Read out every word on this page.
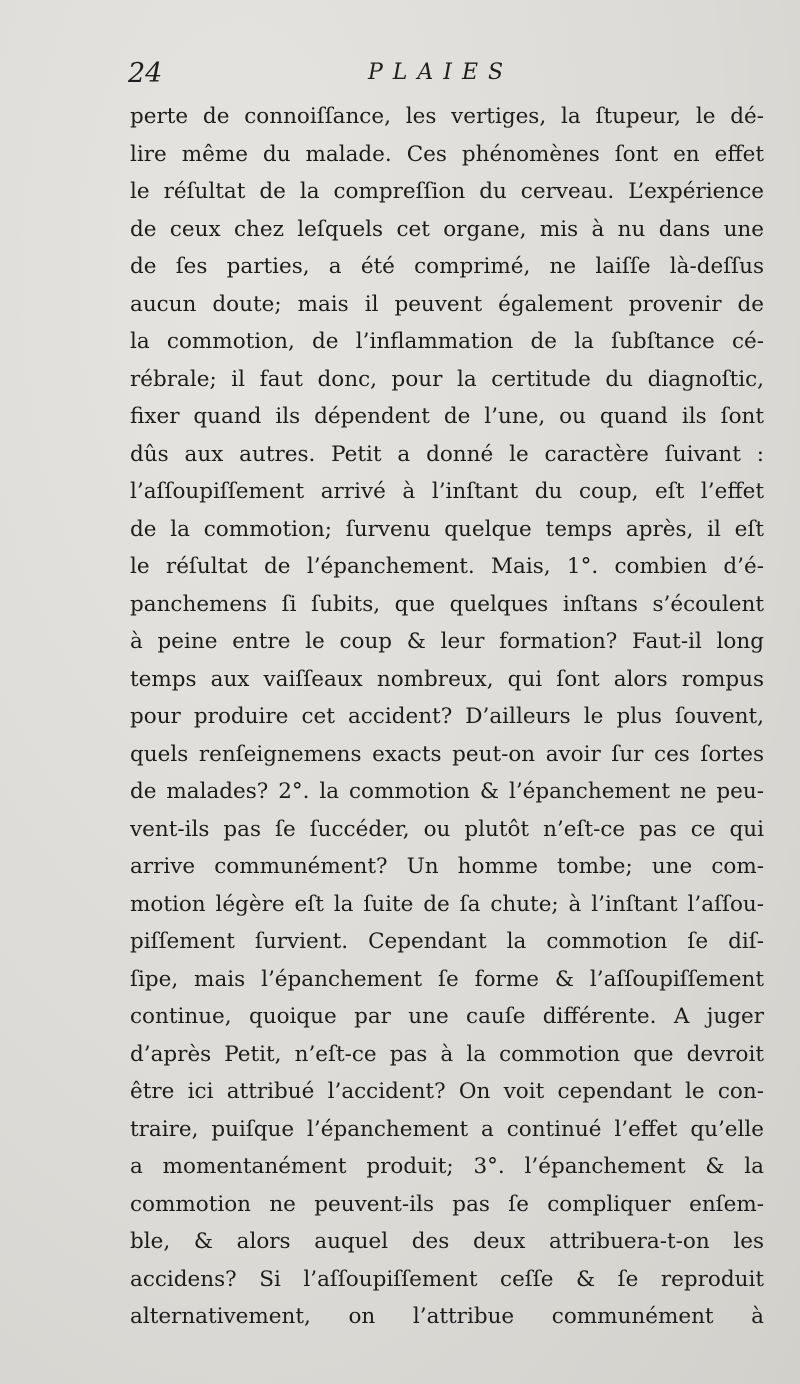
24	PLAIES
perte de connoiſſance, les vertiges, la ſtupeur, le dé-
lire même du malade. Ces phénomènes ſont en effet
le réſultat de la compreſſion du cerveau. L’expérience
de ceux chez leſquels cet organe, mis à nu dans une
de ſes parties, a été comprimé, ne laiſſe là-deſſus
aucun doute; mais il peuvent également provenir de
la commotion, de l’inflammation de la ſubſtance cé-
rébrale; il faut donc, pour la certitude du diagnoſtic,
fixer quand ils dépendent de l’une, ou quand ils ſont
dûs aux autres. Petit a donné le caractère ſuivant :
l’aſſoupiſſement arrivé à l’inſtant du coup, eſt l’effet
de la commotion; ſurvenu quelque temps après, il eſt
le réſultat de l’épanchement. Mais, 1°. combien d’é-
panchemens ſi ſubits, que quelques inſtans s’écoulent
à peine entre le coup & leur formation? Faut-il long
temps aux vaiſſeaux nombreux, qui ſont alors rompus
pour produire cet accident? D’ailleurs le plus ſouvent,
quels renſeignemens exacts peut-on avoir ſur ces ſortes
de malades? 2°. la commotion & l’épanchement ne peu-
vent-ils pas ſe ſuccéder, ou plutôt n’eſt-ce pas ce qui
arrive communément? Un homme tombe; une com-
motion légère eſt la ſuite de ſa chute; à l’inſtant l’aſſou-
piſſement ſurvient. Cependant la commotion ſe diſ-
ſipe, mais l’épanchement ſe forme & l’aſſoupiſſement
continue, quoique par une cauſe différente. A juger
d’après Petit, n’eſt-ce pas à la commotion que devroit
être ici attribué l’accident? On voit cependant le con-
traire, puiſque l’épanchement a continué l’effet qu’elle
a momentanément produit; 3°. l’épanchement & la
commotion ne peuvent-ils pas ſe compliquer enſem-
ble, & alors auquel des deux attribuera-t-on les
accidens? Si l’aſſoupiſſement ceſſe & ſe reproduit
alternativement, on l’attribue communément à
